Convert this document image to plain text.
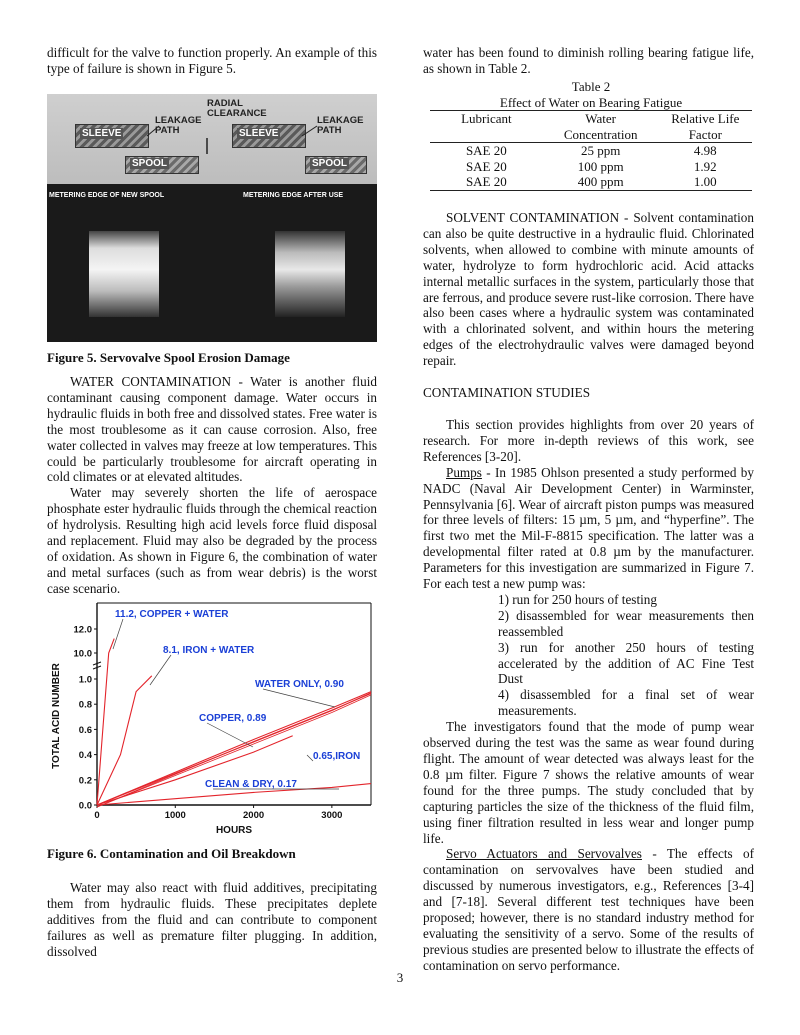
difficult for the valve to function properly. An example of this type of failure is shown in Figure 5.

SLEEVE
SPOOL
SLEEVE
SPOOL
LEAKAGE PATH
RADIAL CLEARANCE
LEAKAGE PATH
METERING EDGE OF NEW SPOOL	METERING EDGE AFTER USE
Figure 5. Servovalve Spool Erosion Damage

WATER CONTAMINATION - Water is another fluid contaminant causing component damage. Water occurs in hydraulic fluids in both free and dissolved states. Free water is the most troublesome as it can cause corrosion. Also, free water collected in valves may freeze at low temperatures. This could be particularly troublesome for aircraft operating in cold climates or at elevated altitudes.

Water may severely shorten the life of aerospace phosphate ester hydraulic fluids through the chemical reaction of hydrolysis. Resulting high acid levels force fluid disposal and replacement. Fluid may also be degraded by the process of oxidation. As shown in Figure 6, the combination of water and metal surfaces (such as from wear debris) is the worst case scenario.

0.0
0.2
0.4
0.6
0.8
1.0
10.0
12.0
0	1000	2000	3000
HOURS
TOTAL ACID NUMBER
11.2, COPPER + WATER
8.1, IRON + WATER
WATER ONLY, 0.90
COPPER, 0.89
0.65,IRON
CLEAN & DRY, 0.17
Figure 6. Contamination and Oil Breakdown

Water may also react with fluid additives, precipitating them from hydraulic fluids. These precipitates deplete additives from the fluid and can contribute to component failures as well as premature filter plugging. In addition, dissolved

water has been found to diminish rolling bearing fatigue life, as shown in Table 2.

Table 2
Effect of Water on Bearing Fatigue
Lubricant	Water Concentration	Relative Life Factor
SAE 20	25 ppm	4.98
SAE 20	100 ppm	1.92
SAE 20	400 ppm	1.00

SOLVENT CONTAMINATION - Solvent contamination can also be quite destructive in a hydraulic fluid. Chlorinated solvents, when allowed to combine with minute amounts of water, hydrolyze to form hydrochloric acid. Acid attacks internal metallic surfaces in the system, particularly those that are ferrous, and produce severe rust-like corrosion. There have also been cases where a hydraulic system was contaminated with a chlorinated solvent, and within hours the metering edges of the electrohydraulic valves were damaged beyond repair.

CONTAMINATION STUDIES

This section provides highlights from over 20 years of research. For more in-depth reviews of this work, see References [3-20].

Pumps - In 1985 Ohlson presented a study performed by NADC (Naval Air Development Center) in Warminster, Pennsylvania [6]. Wear of aircraft piston pumps was measured for three levels of filters: 15 µm, 5 µm, and “hyperfine”. The first two met the Mil-F-8815 specification. The latter was a developmental filter rated at 0.8 µm by the manufacturer. Parameters for this investigation are summarized in Figure 7. For each test a new pump was:

1) run for 250 hours of testing

2) disassembled for wear measurements then reassembled

3) run for another 250 hours of testing accelerated by the addition of AC Fine Test Dust

4) disassembled for a final set of wear measurements.

The investigators found that the mode of pump wear observed during the test was the same as wear found during flight. The amount of wear detected was always least for the 0.8 µm filter. Figure 7 shows the relative amounts of wear found for the three pumps. The study concluded that by capturing particles the size of the thickness of the fluid film, using finer filtration resulted in less wear and longer pump life.

Servo Actuators and Servovalves - The effects of contamination on servovalves have been studied and discussed by numerous investigators, e.g., References [3-4] and [7-18]. Several different test techniques have been proposed; however, there is no standard industry method for evaluating the sensitivity of a servo. Some of the results of previous studies are presented below to illustrate the effects of contamination on servo performance.

3
